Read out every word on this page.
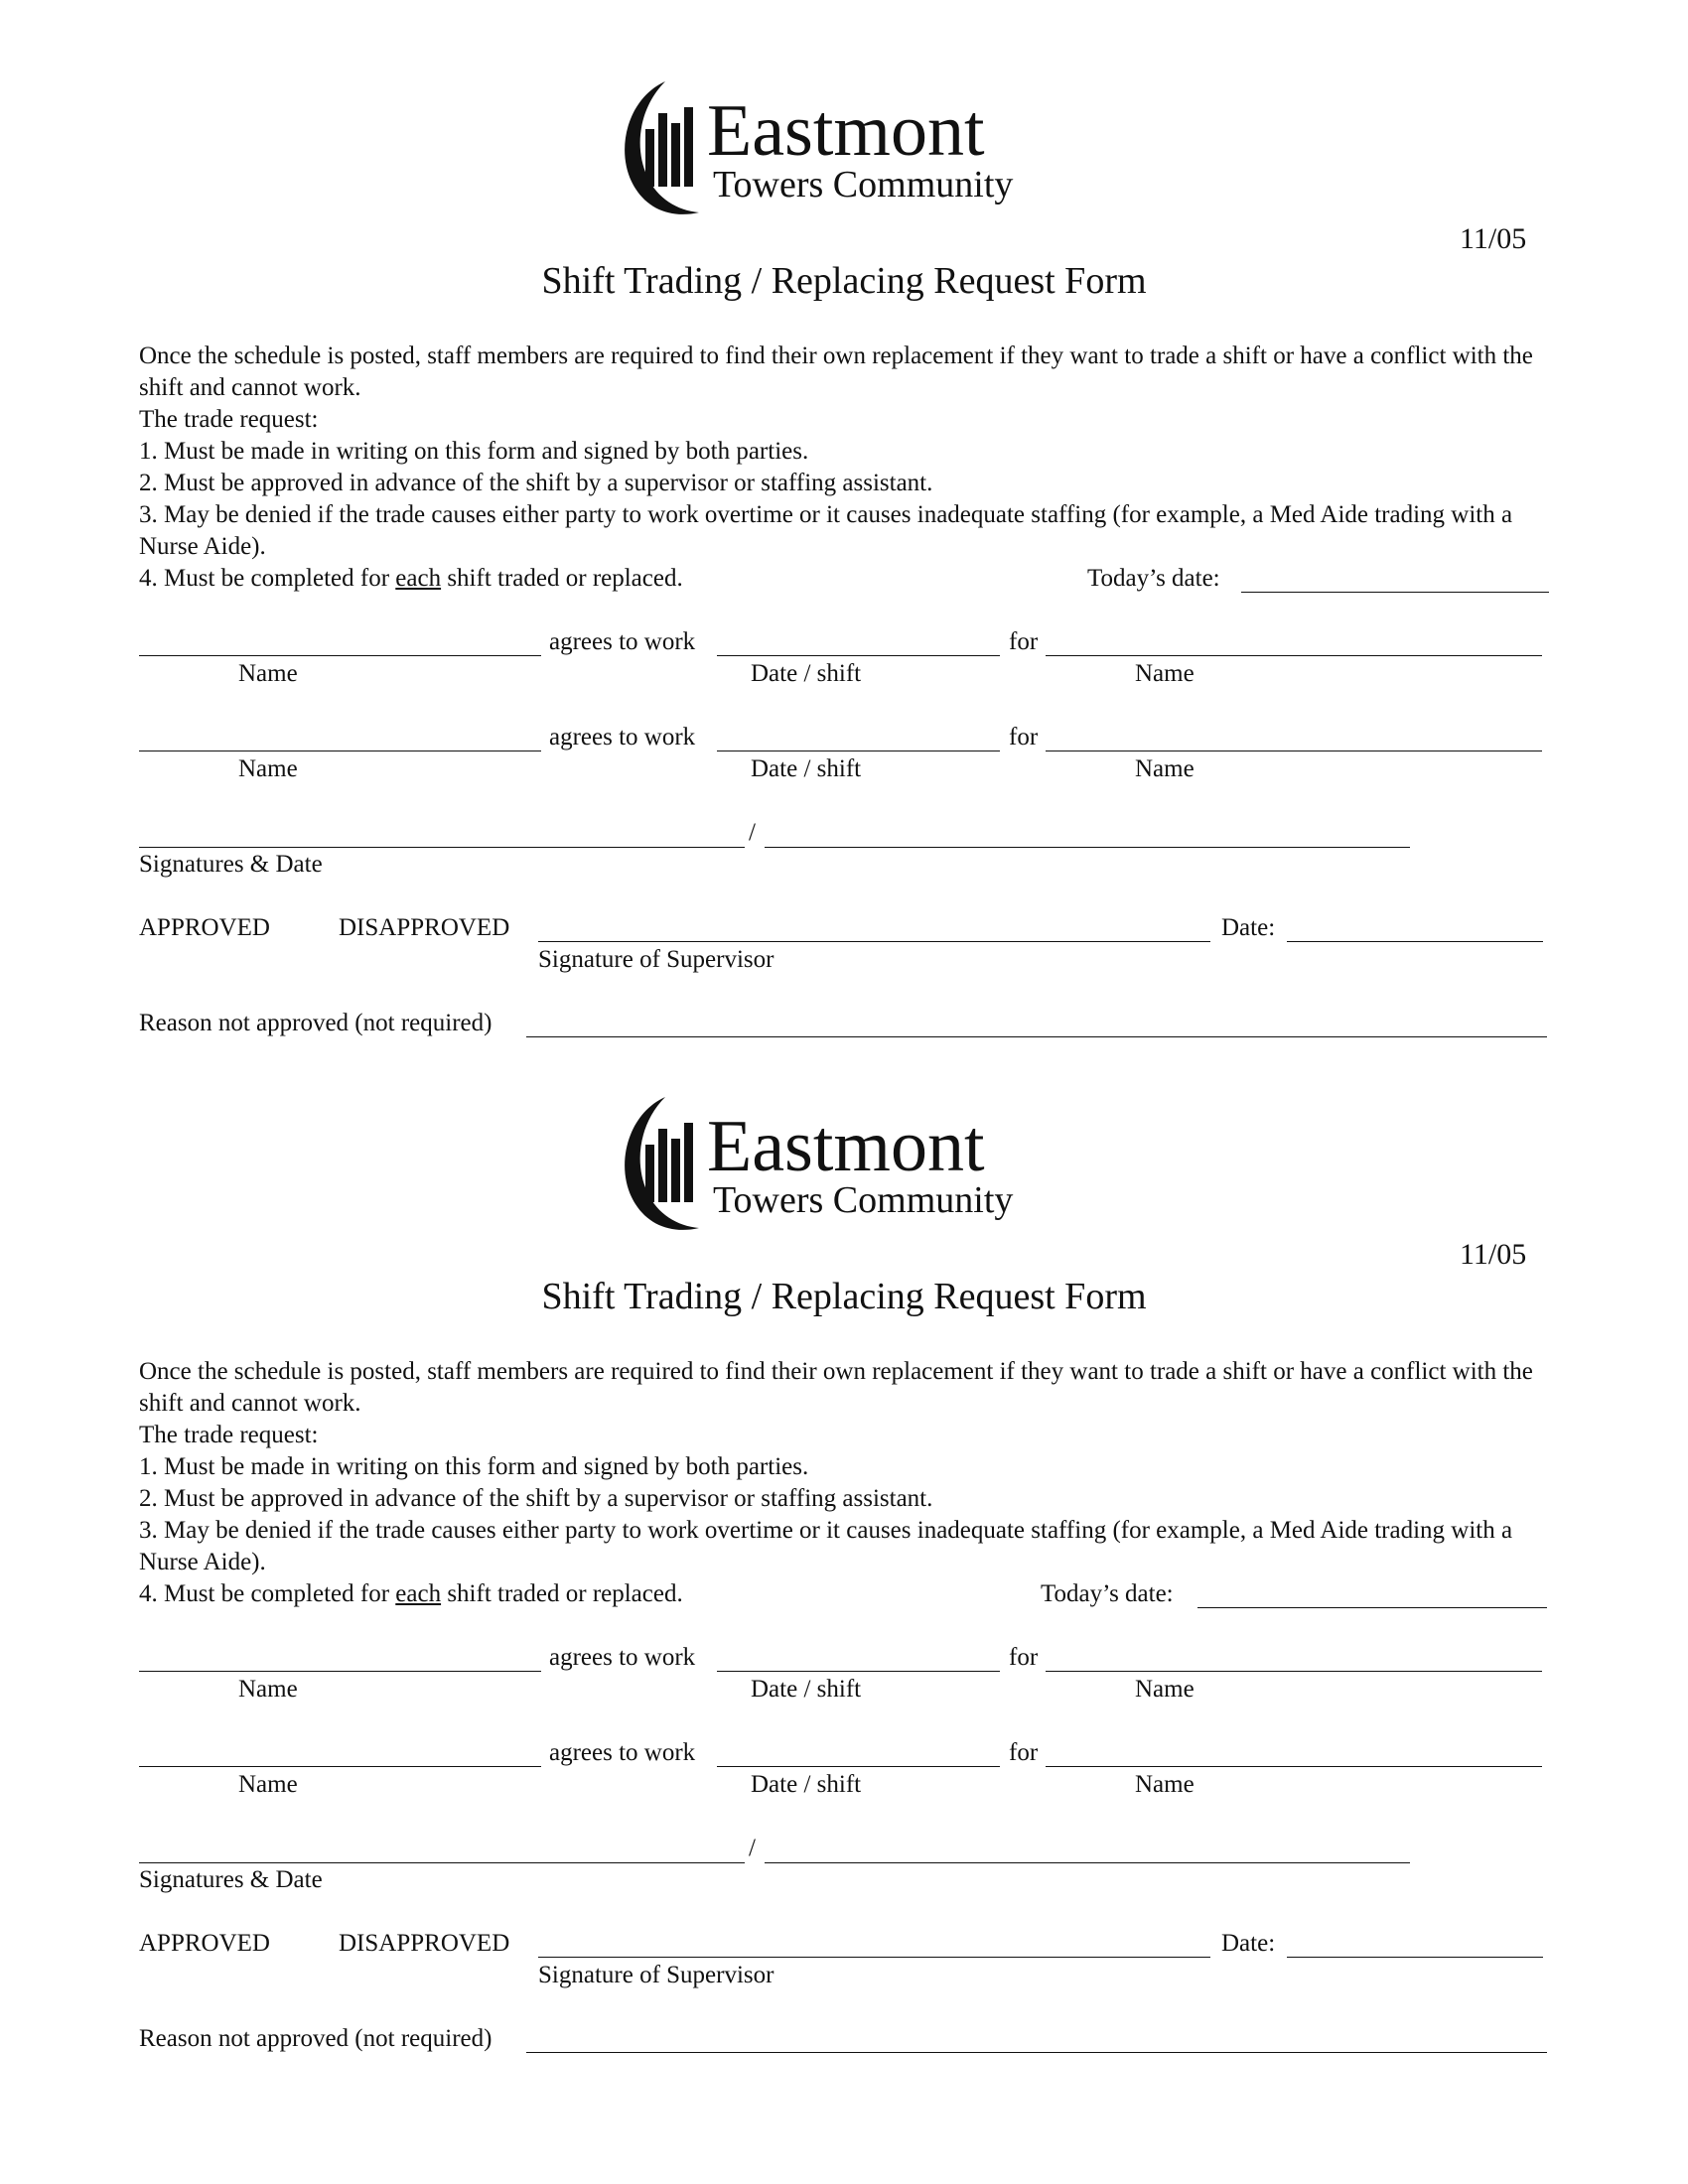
Eastmont
Towers Community
11/05
Shift Trading / Replacing Request Form
Once the schedule is posted, staff members are required to find their own replacement if they want to trade a shift or have a conflict with the shift and cannot work.
The trade request:
1. Must be made in writing on this form and signed by both parties.
2. Must be approved in advance of the shift by a supervisor or staffing assistant.
3. May be denied if the trade causes either party to work overtime or it causes inadequate staffing (for example, a Med Aide trading with a Nurse Aide).
4. Must be completed for each shift traded or replaced.	Today’s date:
agrees to work	for
Name	Date / shift	Name
agrees to work	for
Name	Date / shift	Name
/
Signatures & Date
APPROVED	DISAPPROVED	Date:
Signature of Supervisor
Reason not approved (not required)
Eastmont
Towers Community
11/05
Shift Trading / Replacing Request Form
Once the schedule is posted, staff members are required to find their own replacement if they want to trade a shift or have a conflict with the shift and cannot work.
The trade request:
1. Must be made in writing on this form and signed by both parties.
2. Must be approved in advance of the shift by a supervisor or staffing assistant.
3. May be denied if the trade causes either party to work overtime or it causes inadequate staffing (for example, a Med Aide trading with a Nurse Aide).
4. Must be completed for each shift traded or replaced.	Today’s date:
agrees to work	for
Name	Date / shift	Name
agrees to work	for
Name	Date / shift	Name
/
Signatures & Date
APPROVED	DISAPPROVED	Date:
Signature of Supervisor
Reason not approved (not required)
